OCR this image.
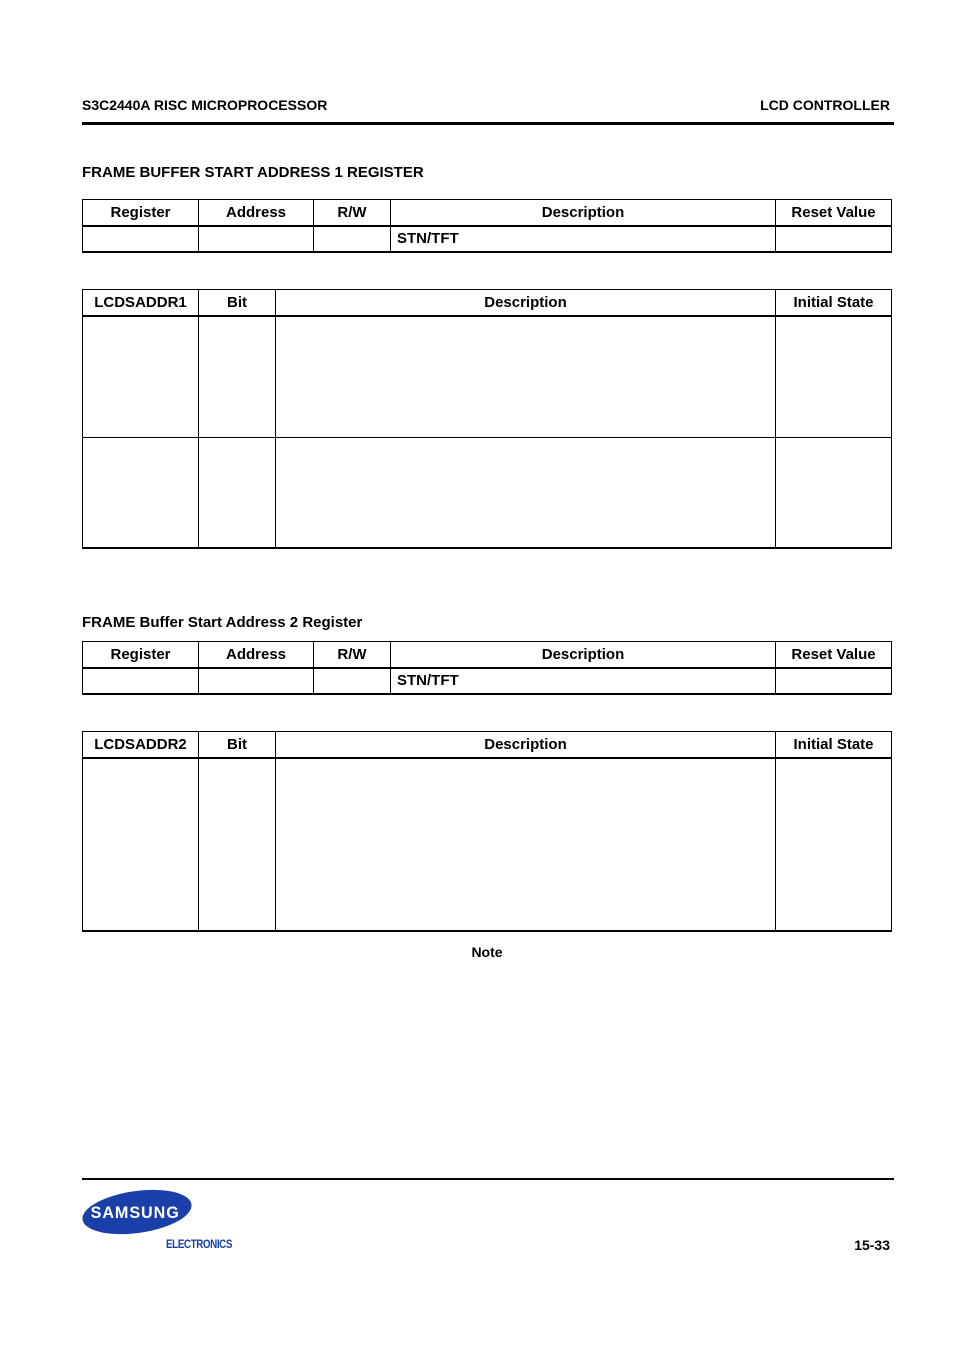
S3C2440A RISC MICROPROCESSOR	LCD CONTROLLER
FRAME BUFFER START ADDRESS 1 REGISTER
Register	Address	R/W	Description	Reset Value
			STN/TFT	
LCDSADDR1	Bit	Description	Initial State

FRAME Buffer Start Address 2 Register
Register	Address	R/W	Description	Reset Value
			STN/TFT	
LCDSADDR2	Bit	Description	Initial State

Note
SAMSUNG
ELECTRONICS	15-33
